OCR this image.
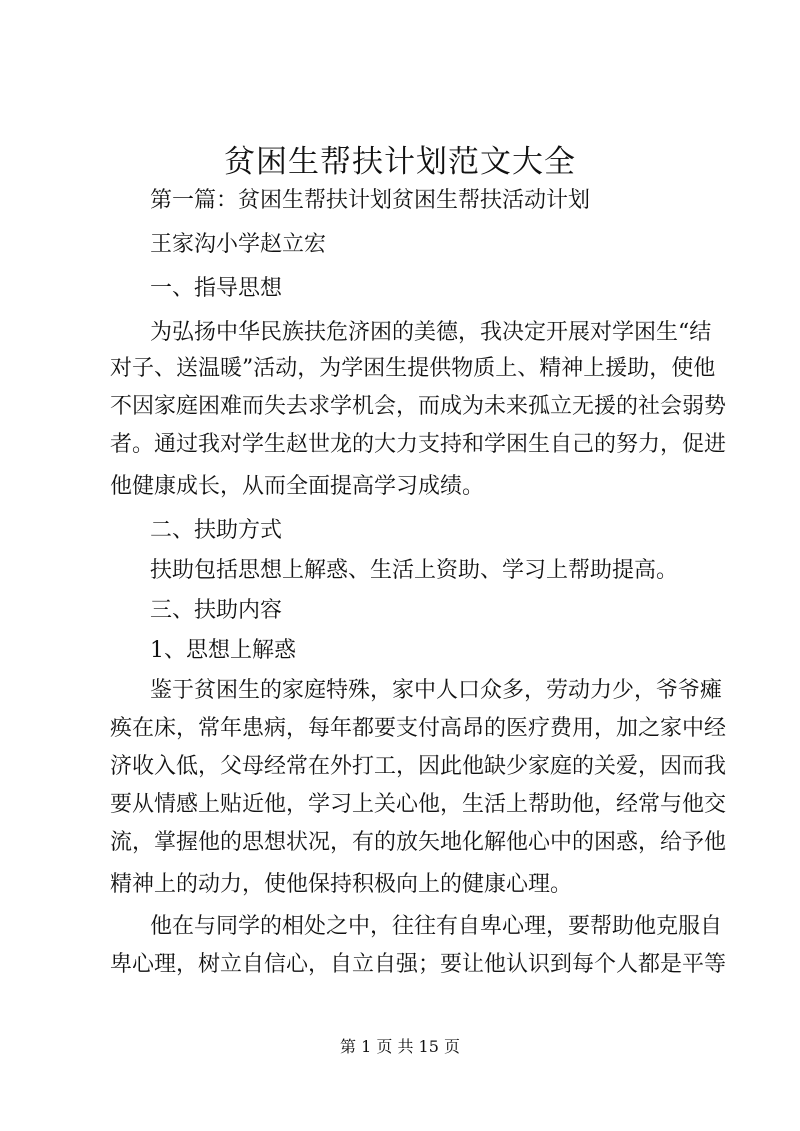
贫困生帮扶计划范文大全
第一篇：贫困生帮扶计划贫困生帮扶活动计划
王家沟小学赵立宏
一、指导思想
为弘扬中华民族扶危济困的美德，我决定开展对学困生“结
对子、送温暖”活动，为学困生提供物质上、精神上援助，使他
不因家庭困难而失去求学机会，而成为未来孤立无援的社会弱势
者。通过我对学生赵世龙的大力支持和学困生自己的努力，促进
他健康成长，从而全面提高学习成绩。
二、扶助方式
扶助包括思想上解惑、生活上资助、学习上帮助提高。
三、扶助内容
1、思想上解惑
鉴于贫困生的家庭特殊，家中人口众多，劳动力少，爷爷瘫
痪在床，常年患病，每年都要支付高昂的医疗费用，加之家中经
济收入低，父母经常在外打工，因此他缺少家庭的关爱，因而我
要从情感上贴近他，学习上关心他，生活上帮助他，经常与他交
流，掌握他的思想状况，有的放矢地化解他心中的困惑，给予他
精神上的动力，使他保持积极向上的健康心理。
他在与同学的相处之中，往往有自卑心理，要帮助他克服自
卑心理，树立自信心，自立自强；要让他认识到每个人都是平等
第 1 页 共 15 页
